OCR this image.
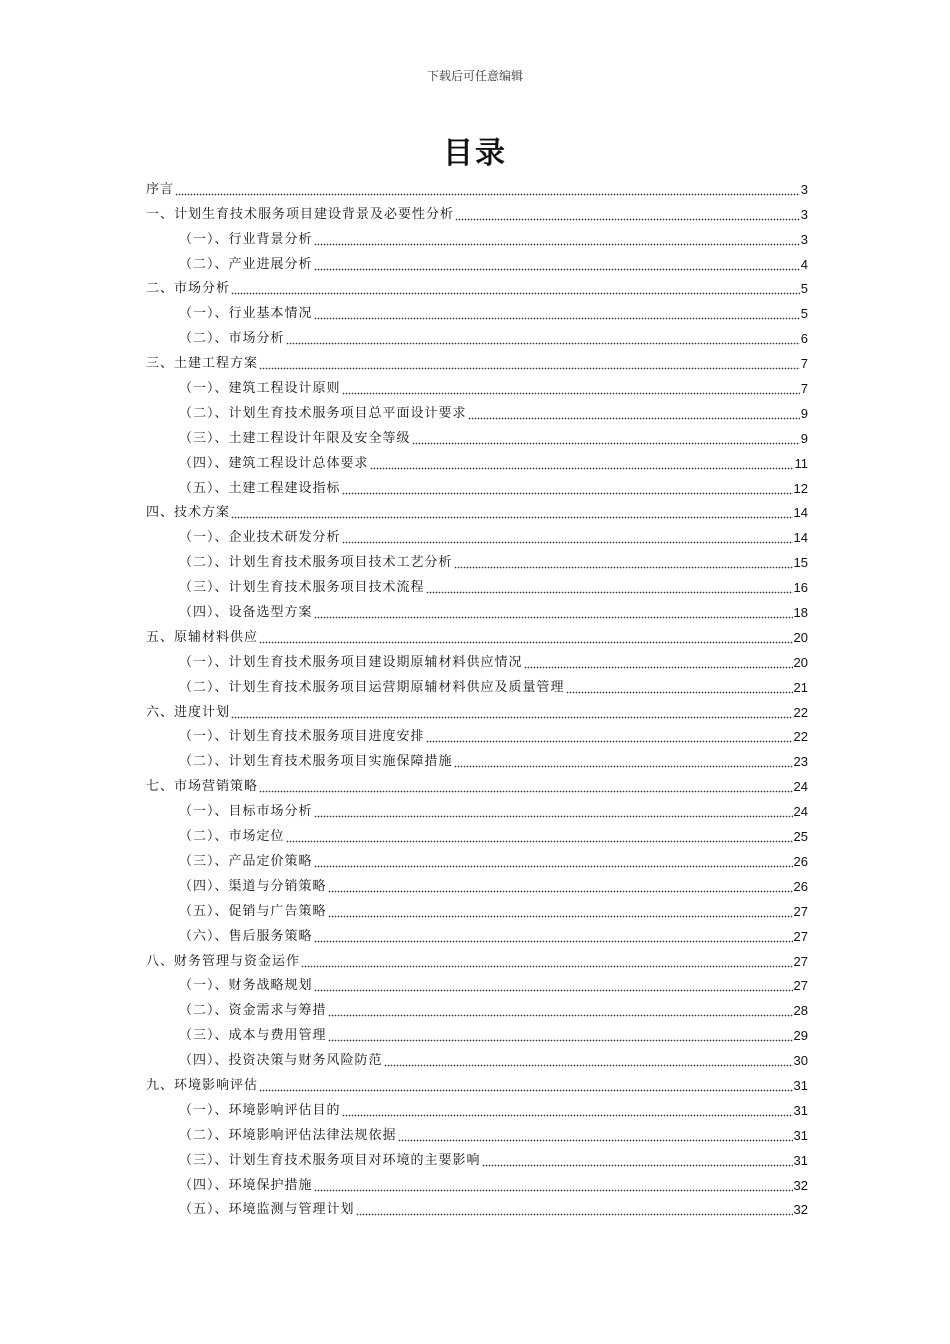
下载后可任意编辑
目录
序言	3
一、计划生育技术服务项目建设背景及必要性分析	3
（一）、行业背景分析	3
（二）、产业进展分析	4
二、市场分析	5
（一）、行业基本情况	5
（二）、市场分析	6
三、土建工程方案	7
（一）、建筑工程设计原则	7
（二）、计划生育技术服务项目总平面设计要求	9
（三）、土建工程设计年限及安全等级	9
（四）、建筑工程设计总体要求	11
（五）、土建工程建设指标	12
四、技术方案	14
（一）、企业技术研发分析	14
（二）、计划生育技术服务项目技术工艺分析	15
（三）、计划生育技术服务项目技术流程	16
（四）、设备选型方案	18
五、原辅材料供应	20
（一）、计划生育技术服务项目建设期原辅材料供应情况	20
（二）、计划生育技术服务项目运营期原辅材料供应及质量管理	21
六、进度计划	22
（一）、计划生育技术服务项目进度安排	22
（二）、计划生育技术服务项目实施保障措施	23
七、市场营销策略	24
（一）、目标市场分析	24
（二）、市场定位	25
（三）、产品定价策略	26
（四）、渠道与分销策略	26
（五）、促销与广告策略	27
（六）、售后服务策略	27
八、财务管理与资金运作	27
（一）、财务战略规划	27
（二）、资金需求与筹措	28
（三）、成本与费用管理	29
（四）、投资决策与财务风险防范	30
九、环境影响评估	31
（一）、环境影响评估目的	31
（二）、环境影响评估法律法规依据	31
（三）、计划生育技术服务项目对环境的主要影响	31
（四）、环境保护措施	32
（五）、环境监测与管理计划	32
